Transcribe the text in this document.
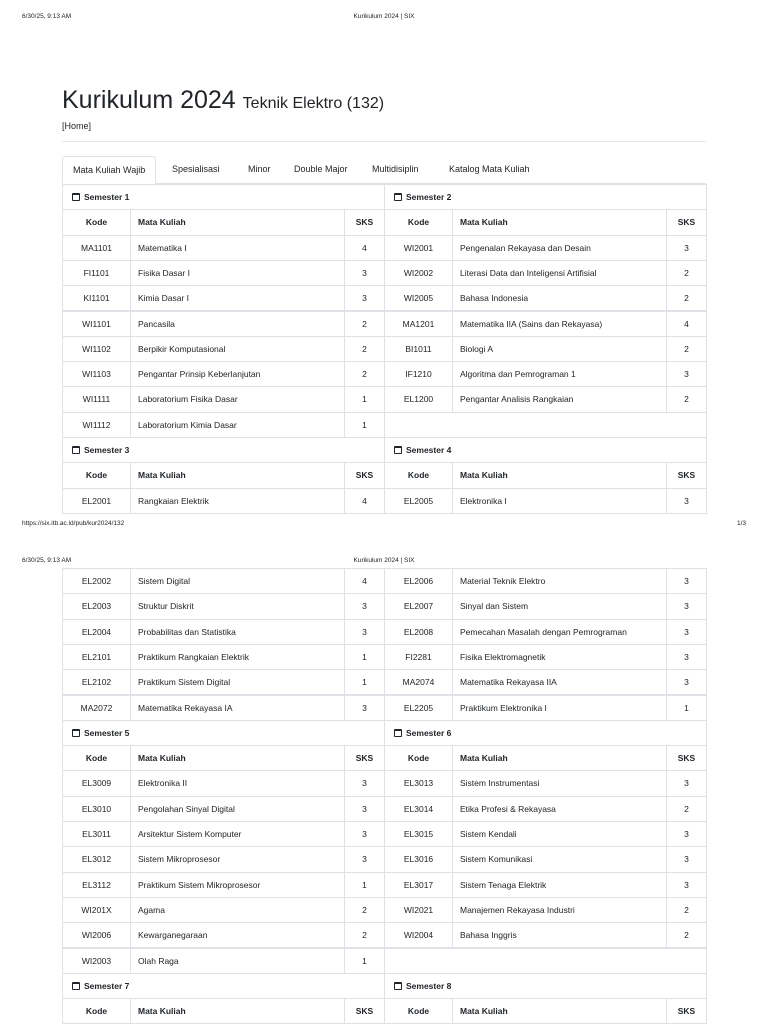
6/30/25, 9:13 AM	Kurikulum 2024 | SIX
Kurikulum 2024 Teknik Elektro (132)
[Home]
Mata Kuliah Wajib	Spesialisasi	Minor	Double Major	Multidisiplin	Katalog Mata Kuliah
Semester 1	Semester 2
Kode	Mata Kuliah	SKS	Kode	Mata Kuliah	SKS
MA1101	Matematika I	4	WI2001	Pengenalan Rekayasa dan Desain	3
FI1101	Fisika Dasar I	3	WI2002	Literasi Data dan Inteligensi Artifisial	2
KI1101	Kimia Dasar I	3	WI2005	Bahasa Indonesia	2
WI1101	Pancasila	2	MA1201	Matematika IIA (Sains dan Rekayasa)	4
WI1102	Berpikir Komputasional	2	BI1011	Biologi A	2
WI1103	Pengantar Prinsip Keberlanjutan	2	IF1210	Algoritma dan Pemrograman 1	3
WI1111	Laboratorium Fisika Dasar	1	EL1200	Pengantar Analisis Rangkaian	2
WI1112	Laboratorium Kimia Dasar	1
Semester 3	Semester 4
Kode	Mata Kuliah	SKS	Kode	Mata Kuliah	SKS
EL2001	Rangkaian Elektrik	4	EL2005	Elektronika I	3
https://six.itb.ac.id/pub/kur2024/132	1/3
6/30/25, 9:13 AM	Kurikulum 2024 | SIX
EL2002	Sistem Digital	4	EL2006	Material Teknik Elektro	3
EL2003	Struktur Diskrit	3	EL2007	Sinyal dan Sistem	3
EL2004	Probabilitas dan Statistika	3	EL2008	Pemecahan Masalah dengan Pemrograman	3
EL2101	Praktikum Rangkaian Elektrik	1	FI2281	Fisika Elektromagnetik	3
EL2102	Praktikum Sistem Digital	1	MA2074	Matematika Rekayasa IIA	3
MA2072	Matematika Rekayasa IA	3	EL2205	Praktikum Elektronika I	1
Semester 5	Semester 6
Kode	Mata Kuliah	SKS	Kode	Mata Kuliah	SKS
EL3009	Elektronika II	3	EL3013	Sistem Instrumentasi	3
EL3010	Pengolahan Sinyal Digital	3	EL3014	Etika Profesi & Rekayasa	2
EL3011	Arsitektur Sistem Komputer	3	EL3015	Sistem Kendali	3
EL3012	Sistem Mikroprosesor	3	EL3016	Sistem Komunikasi	3
EL3112	Praktikum Sistem Mikroprosesor	1	EL3017	Sistem Tenaga Elektrik	3
WI201X	Agama	2	WI2021	Manajemen Rekayasa Industri	2
WI2006	Kewarganegaraan	2	WI2004	Bahasa Inggris	2
WI2003	Olah Raga	1
Semester 7	Semester 8
Kode	Mata Kuliah	SKS	Kode	Mata Kuliah	SKS
